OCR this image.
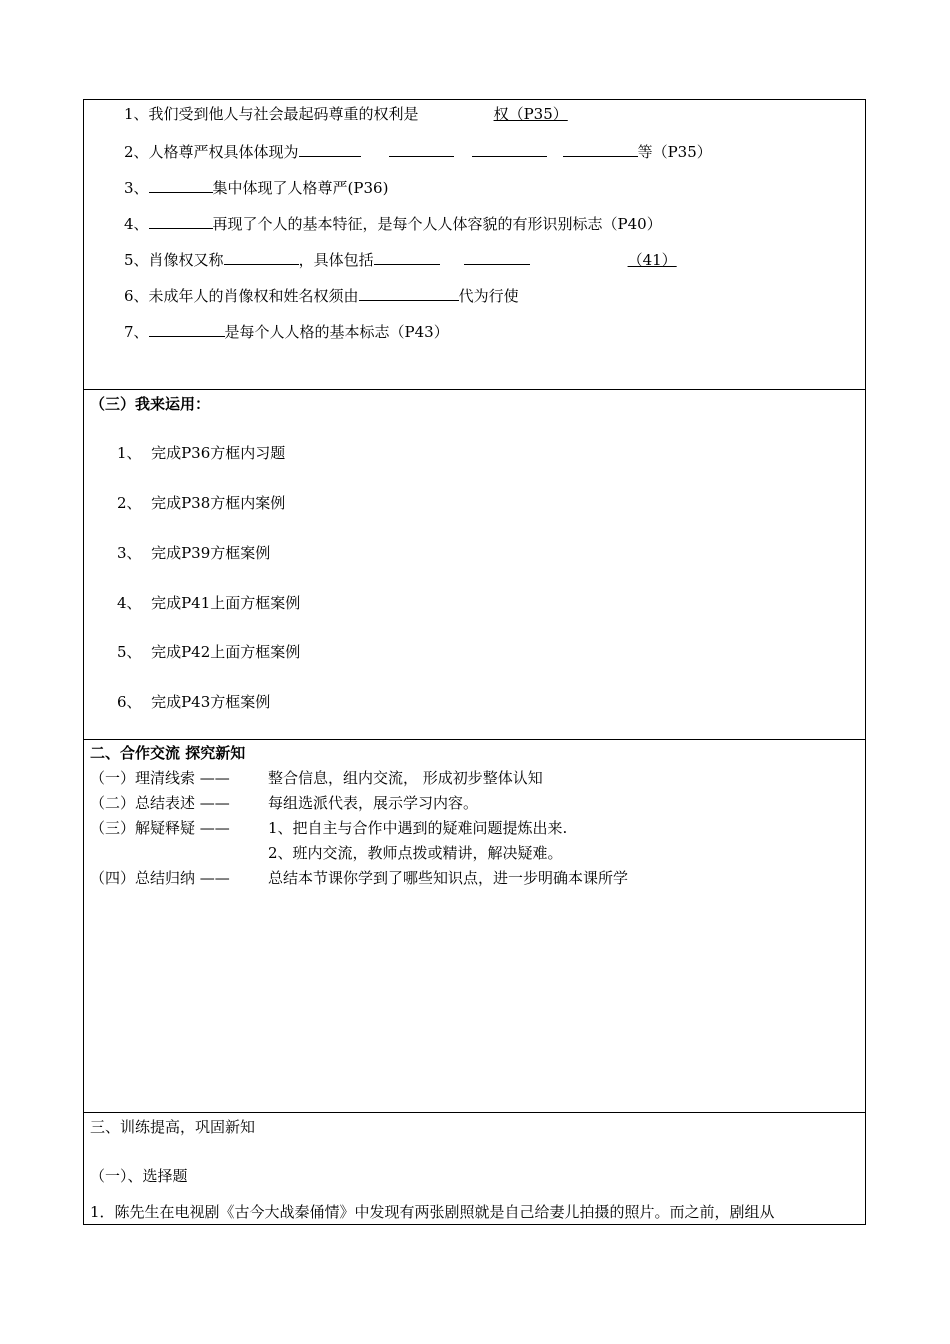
1、我们受到他人与社会最起码尊重的权利是	权（P35）
2、人格尊严权具体体现为	等（P35）
3、	集中体现了人格尊严(P36)
4、	再现了个人的基本特征，是每个人人体容貌的有形识别标志（P40）
5、肖像权又称	，具体包括	（41）
6、未成年人的肖像权和姓名权须由	代为行使
7、	是每个人人格的基本标志（P43）
（三）我来运用：
1、 完成P36方框内习题
2、 完成P38方框内案例
3、 完成P39方框案例
4、 完成P41上面方框案例
5、 完成P42上面方框案例
6、 完成P43方框案例
二、合作交流 探究新知
（一）理清线索 ——	整合信息，组内交流， 形成初步整体认知
（二）总结表述 ——	每组选派代表，展示学习内容。
（三）解疑释疑 ——	1、把自主与合作中遇到的疑难问题提炼出来.
2、班内交流，教师点拨或精讲，解决疑难。
（四）总结归纳 ——	总结本节课你学到了哪些知识点，进一步明确本课所学
三、训练提高，巩固新知
（一）、选择题
1．陈先生在电视剧《古今大战秦俑情》中发现有两张剧照就是自己给妻儿拍摄的照片。而之前，剧组从
